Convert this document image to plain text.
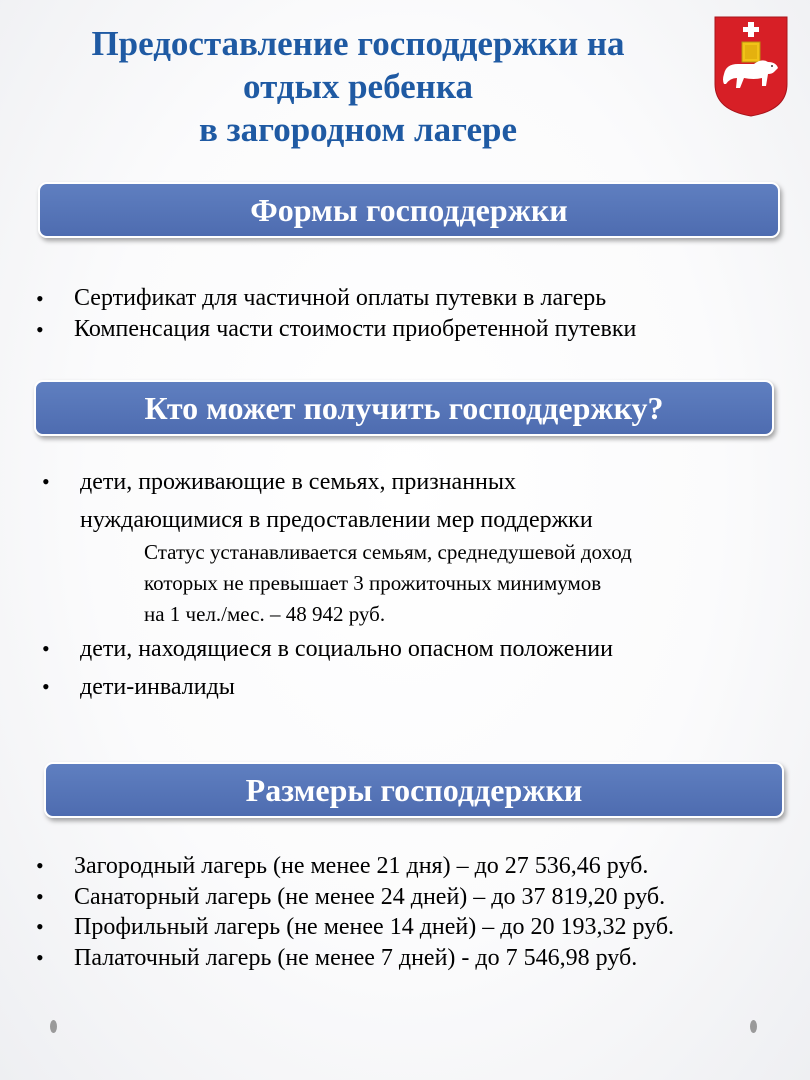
Предоставление господдержки на
отдых ребенка
в загородном лагере
Формы господдержки
• Сертификат для частичной оплаты путевки в лагерь
• Компенсация части стоимости приобретенной путевки
Кто может получить господдержку?
• дети, проживающие в семьях, признанных
нуждающимися в предоставлении мер поддержки
Статус устанавливается семьям, среднедушевой доход
которых не превышает 3 прожиточных минимумов
на 1 чел./мес. – 48 942 руб.
• дети, находящиеся в социально опасном положении
• дети-инвалиды
Размеры господдержки
• Загородный лагерь (не менее 21 дня) – до 27 536,46 руб.
• Санаторный лагерь (не менее 24 дней) – до 37 819,20 руб.
• Профильный лагерь (не менее 14 дней) – до 20 193,32 руб.
• Палаточный лагерь (не менее 7 дней) - до 7 546,98 руб.
